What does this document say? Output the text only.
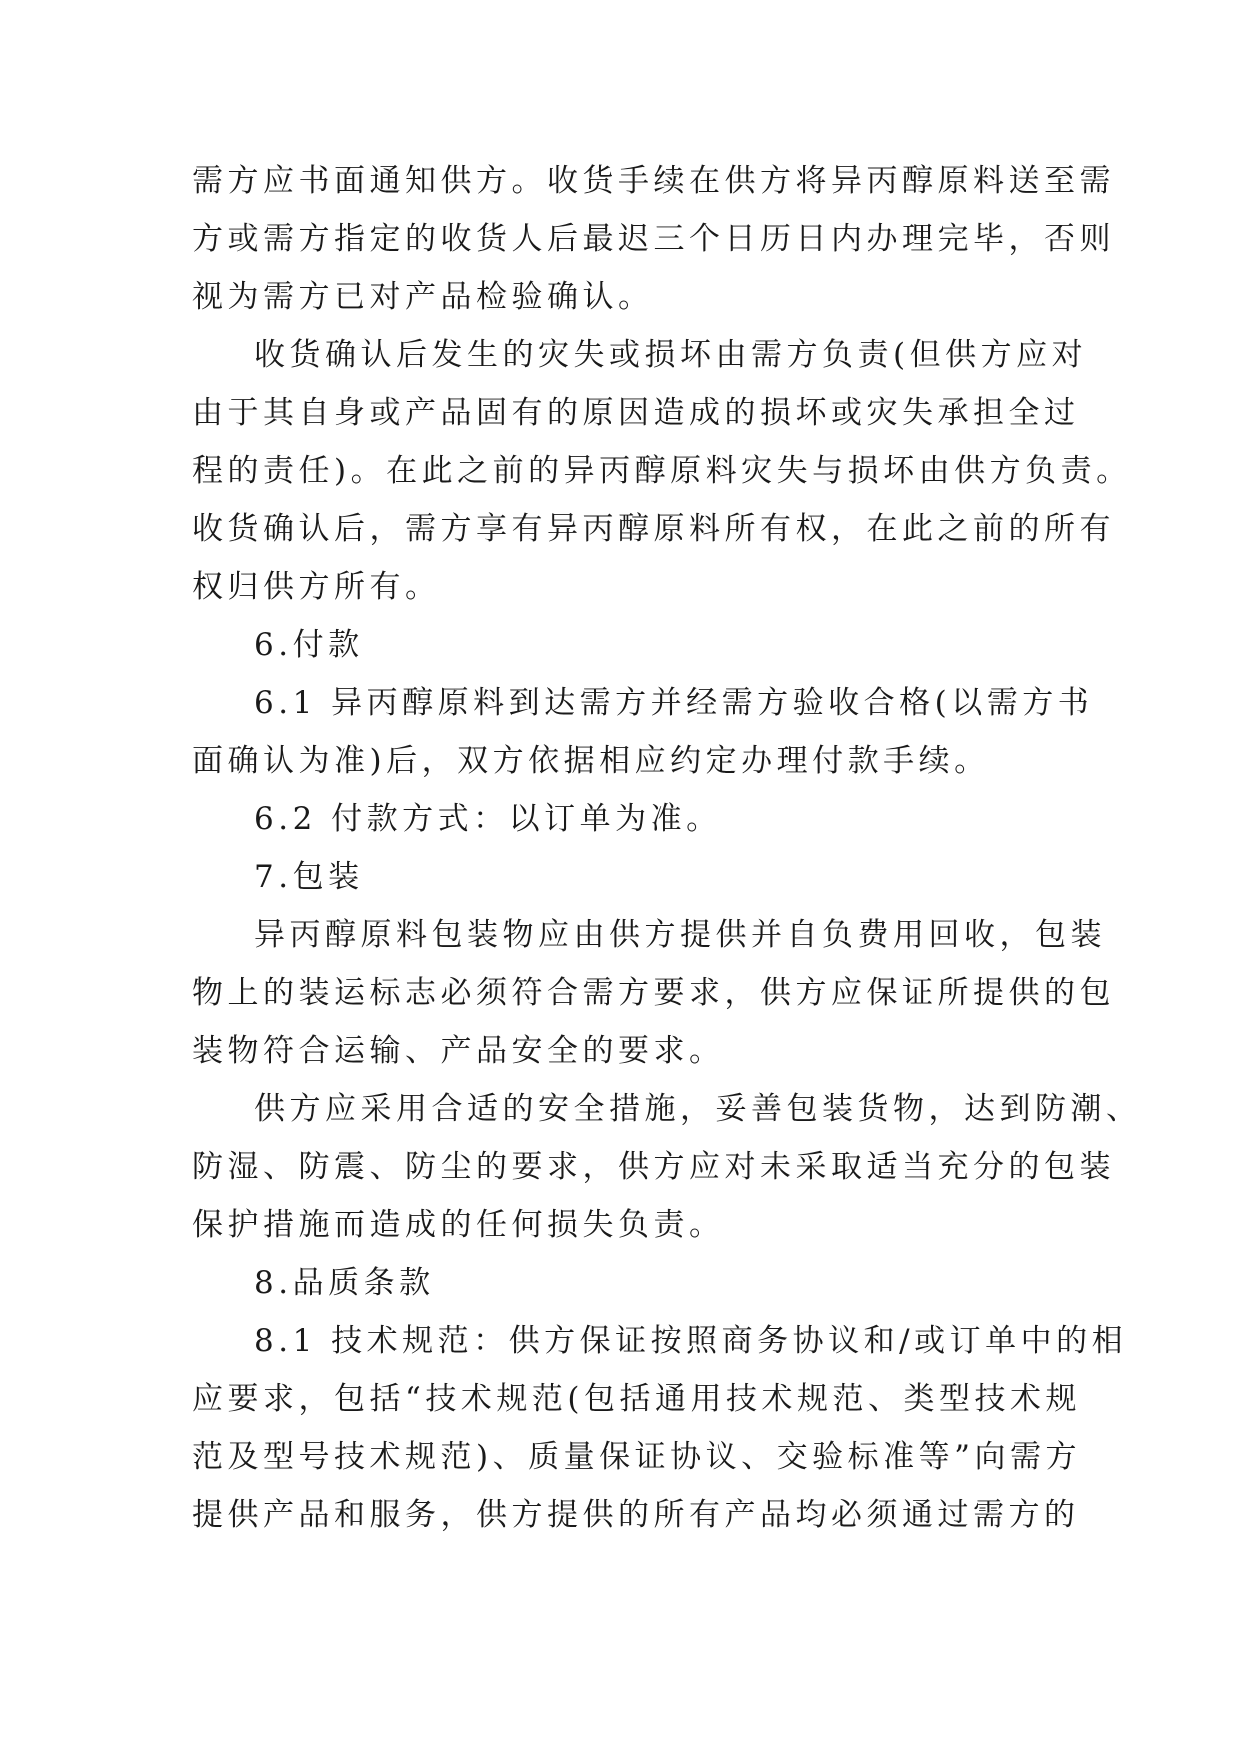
需方应书面通知供方。收货手续在供方将异丙醇原料送至需
方或需方指定的收货人后最迟三个日历日内办理完毕，否则
视为需方已对产品检验确认。
收货确认后发生的灾失或损坏由需方负责(但供方应对
由于其自身或产品固有的原因造成的损坏或灾失承担全过
程的责任)。在此之前的异丙醇原料灾失与损坏由供方负责。
收货确认后，需方享有异丙醇原料所有权，在此之前的所有
权归供方所有。
6.付款
6.1 异丙醇原料到达需方并经需方验收合格(以需方书
面确认为准)后，双方依据相应约定办理付款手续。
6.2 付款方式：以订单为准。
7.包装
异丙醇原料包装物应由供方提供并自负费用回收，包装
物上的装运标志必须符合需方要求，供方应保证所提供的包
装物符合运输、产品安全的要求。
供方应采用合适的安全措施，妥善包装货物，达到防潮、
防湿、防震、防尘的要求，供方应对未采取适当充分的包装
保护措施而造成的任何损失负责。
8.品质条款
8.1 技术规范：供方保证按照商务协议和/或订单中的相
应要求，包括“技术规范(包括通用技术规范、类型技术规
范及型号技术规范)、质量保证协议、交验标准等”向需方
提供产品和服务，供方提供的所有产品均必须通过需方的
